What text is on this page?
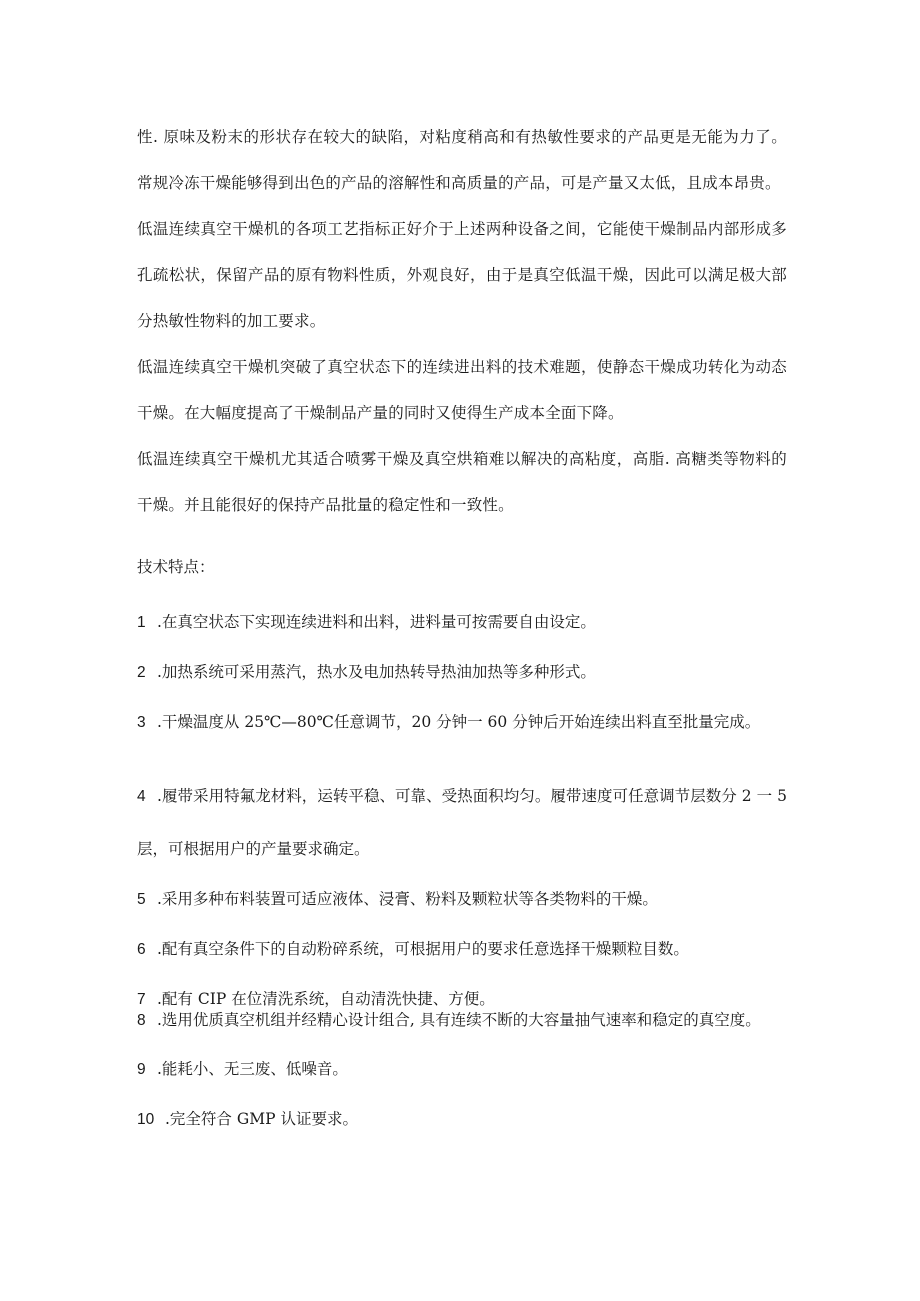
性. 原味及粉末的形状存在较大的缺陷，对粘度稍高和有热敏性要求的产品更是无能为力了。常规冷冻干燥能够得到出色的产品的溶解性和高质量的产品，可是产量又太低，且成本昂贵。

低温连续真空干燥机的各项工艺指标正好介于上述两种设备之间，它能使干燥制品内部形成多孔疏松状，保留产品的原有物料性质，外观良好，由于是真空低温干燥，因此可以满足极大部分热敏性物料的加工要求。

低温连续真空干燥机突破了真空状态下的连续进出料的技术难题，使静态干燥成功转化为动态干燥。在大幅度提高了干燥制品产量的同时又使得生产成本全面下降。

低温连续真空干燥机尤其适合喷雾干燥及真空烘箱难以解决的高粘度，高脂. 高糖类等物料的干燥。并且能很好的保持产品批量的稳定性和一致性。

技术特点：

1 .在真空状态下实现连续进料和出料，进料量可按需要自由设定。

2 .加热系统可采用蒸汽，热水及电加热转导热油加热等多种形式。

3 .干燥温度从 25℃—80℃任意调节，20 分钟一 60 分钟后开始连续出料直至批量完成。

4 .履带采用特氟龙材料，运转平稳、可靠、受热面积均匀。履带速度可任意调节层数分 2 一 5 层，可根据用户的产量要求确定。

5 .采用多种布料装置可适应液体、浸膏、粉料及颗粒状等各类物料的干燥。

6 .配有真空条件下的自动粉碎系统，可根据用户的要求任意选择干燥颗粒目数。

7 .配有 CIP 在位清洗系统，自动清洗快捷、方便。

8 .选用优质真空机组并经精心设计组合, 具有连续不断的大容量抽气速率和稳定的真空度。

9 .能耗小、无三废、低噪音。

10 .完全符合 GMP 认证要求。
